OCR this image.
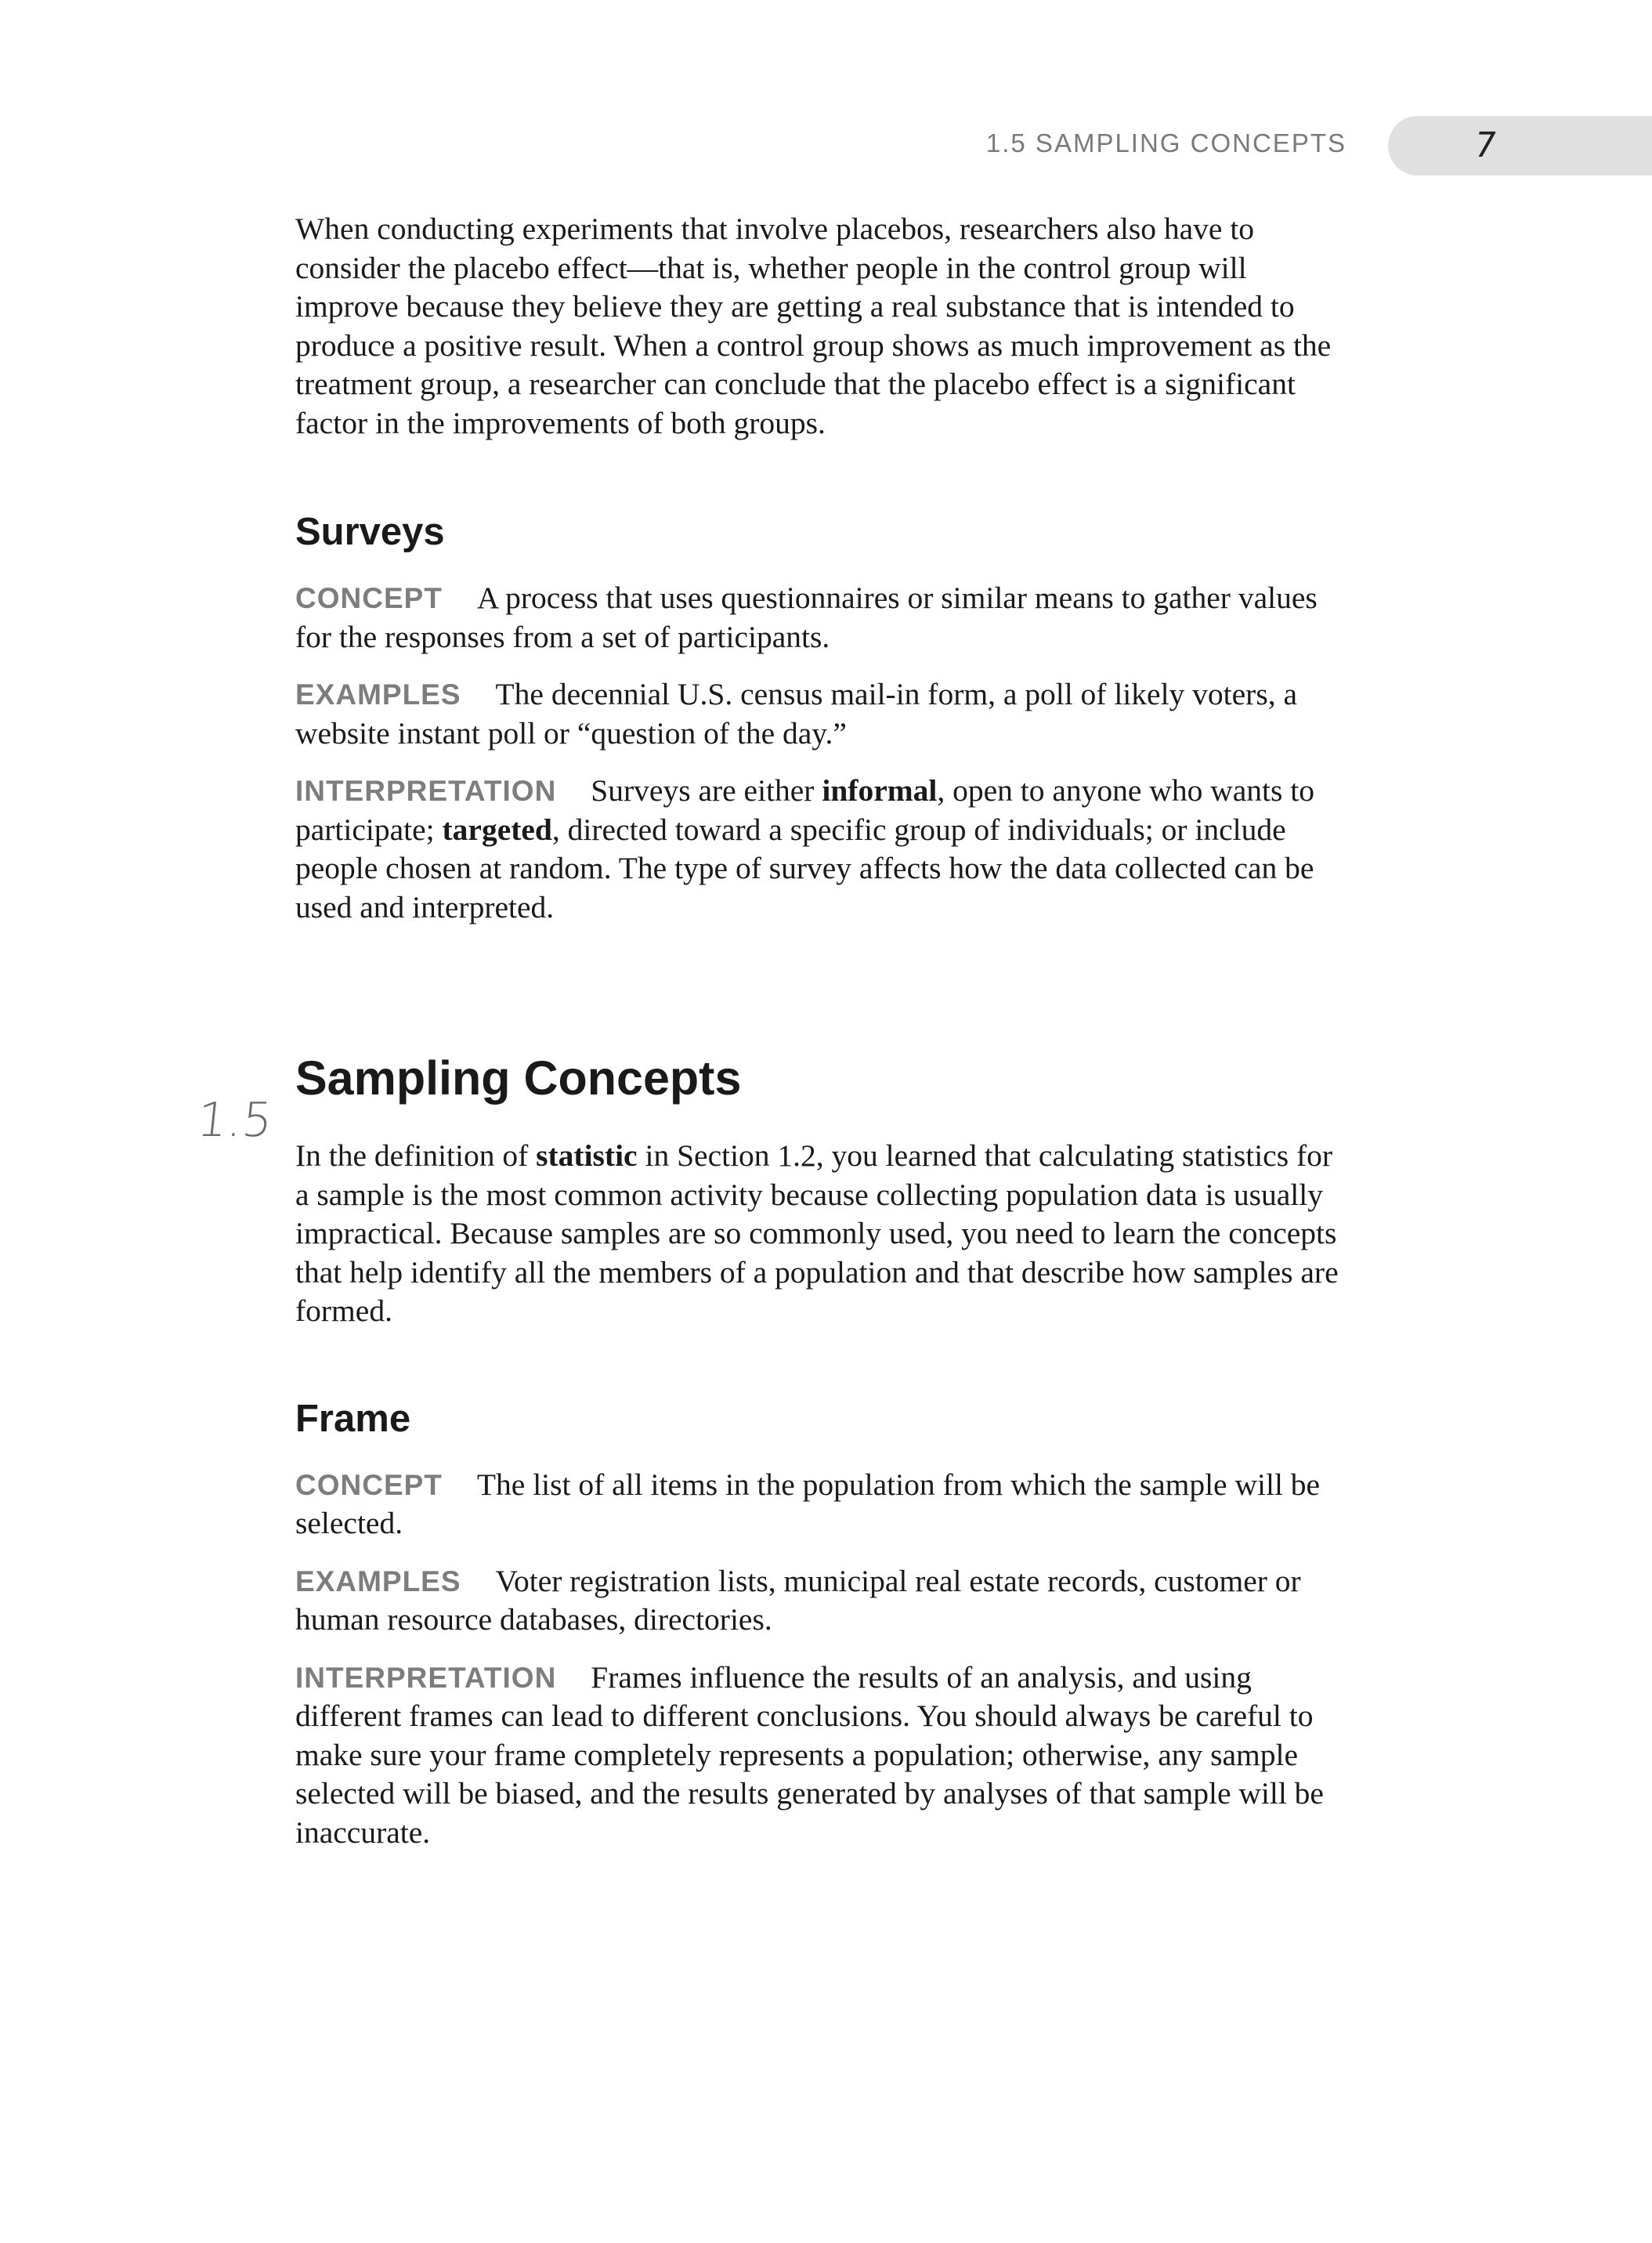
1.5 SAMPLING CONCEPTS	7
1.5

When conducting experiments that involve placebos, researchers also have to consider the placebo effect—that is, whether people in the control group will improve because they believe they are getting a real substance that is intended to produce a positive result. When a control group shows as much improvement as the treatment group, a researcher can conclude that the placebo effect is a significant factor in the improvements of both groups.

Surveys

CONCEPT A process that uses questionnaires or similar means to gather values for the responses from a set of participants.

EXAMPLES The decennial U.S. census mail-in form, a poll of likely voters, a website instant poll or “question of the day.”

INTERPRETATION Surveys are either informal, open to anyone who wants to participate; targeted, directed toward a specific group of individuals; or include people chosen at random. The type of survey affects how the data collected can be used and interpreted.

Sampling Concepts

In the definition of statistic in Section 1.2, you learned that calculating statistics for a sample is the most common activity because collecting population data is usually impractical. Because samples are so commonly used, you need to learn the concepts that help identify all the members of a population and that describe how samples are formed.

Frame

CONCEPT The list of all items in the population from which the sample will be selected.

EXAMPLES Voter registration lists, municipal real estate records, customer or human resource databases, directories.

INTERPRETATION Frames influence the results of an analysis, and using different frames can lead to different conclusions. You should always be careful to make sure your frame completely represents a population; otherwise, any sample selected will be biased, and the results generated by analyses of that sample will be inaccurate.
